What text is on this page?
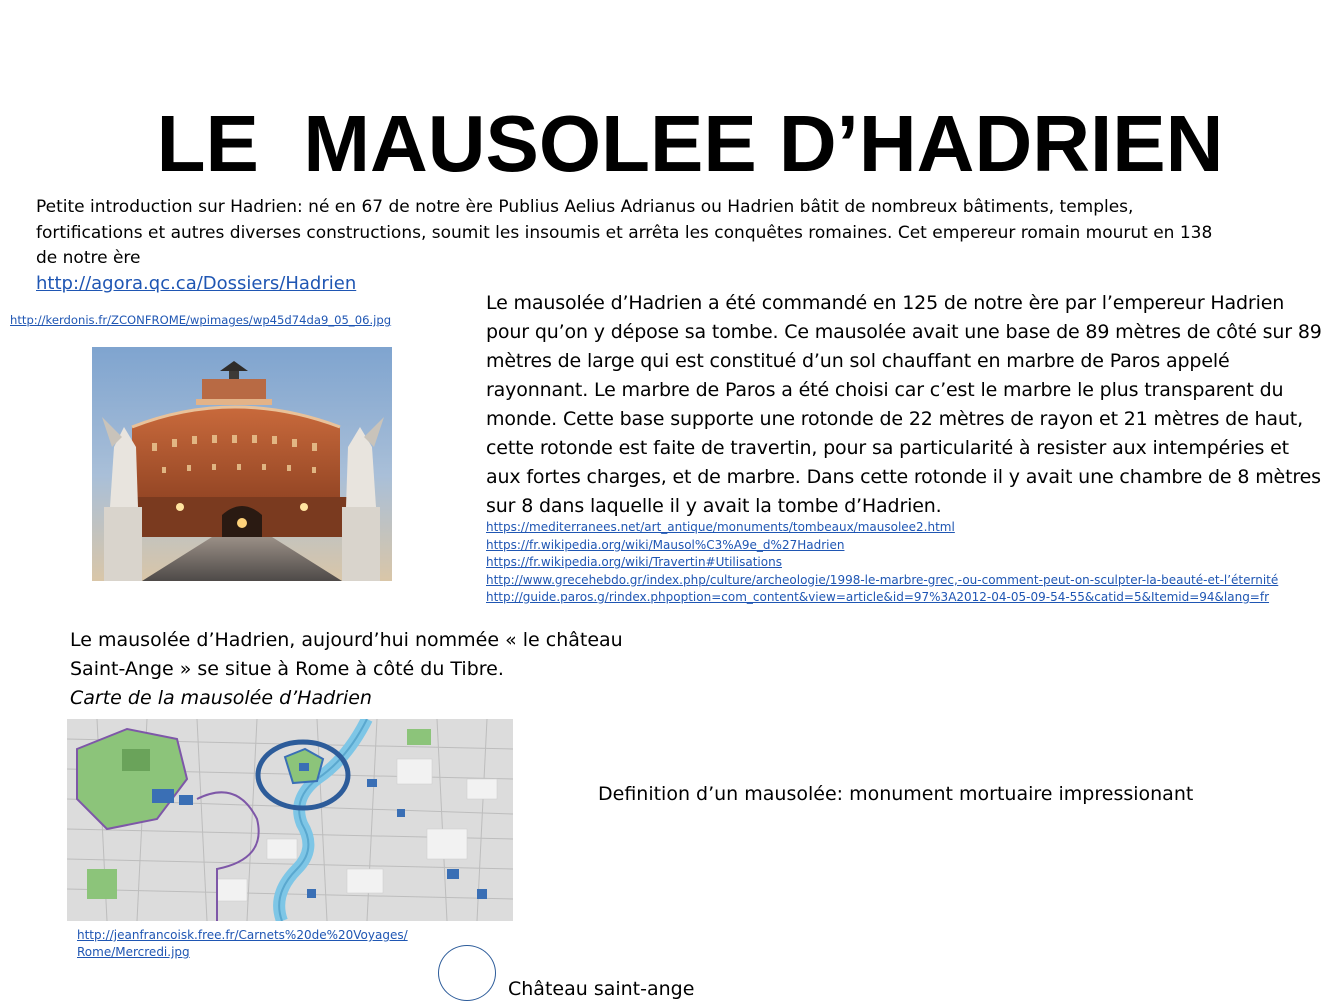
LE  MAUSOLEE D’HADRIEN
Petite introduction sur Hadrien: né en 67 de notre ère Publius Aelius Adrianus ou Hadrien bâtit de nombreux bâtiments, temples, fortifications et autres diverses constructions, soumit les insoumis et arrêta les conquêtes romaines. Cet empereur romain mourut en 138 de notre ère
http://agora.qc.ca/Dossiers/Hadrien
http://kerdonis.fr/ZCONFROME/wpimages/wp45d74da9_05_06.jpg
Le mausolée d’Hadrien a été commandé en 125 de notre ère par l’empereur Hadrien pour qu’on y dépose sa tombe. Ce mausolée avait une base de 89 mètres de côté sur 89 mètres de large qui est constitué d’un sol chauffant en marbre de Paros appelé rayonnant. Le marbre de Paros a été choisi car c’est le marbre le plus transparent du monde. Cette base supporte une rotonde de 22 mètres de rayon et 21 mètres de haut, cette rotonde est faite de travertin, pour sa particularité à resister aux intempéries et aux fortes charges, et de marbre. Dans cette rotonde il y avait une chambre de 8 mètres sur 8 dans laquelle il y avait la tombe d’Hadrien.
https://mediterranees.net/art_antique/monuments/tombeaux/mausolee2.html
https://fr.wikipedia.org/wiki/Mausol%C3%A9e_d%27Hadrien
https://fr.wikipedia.org/wiki/Travertin#Utilisations
http://www.grecehebdo.gr/index.php/culture/archeologie/1998-le-marbre-grec,-ou-comment-peut-on-sculpter-la-beauté-et-l’éternité
http://guide.paros.g/rindex.phpoption=com_content&view=article&id=97%3A2012-04-05-09-54-55&catid=5&Itemid=94&lang=fr
Le mausolée d’Hadrien, aujourd’hui nommée « le château Saint-Ange » se situe à Rome à côté du Tibre.
Carte de la mausolée d’Hadrien
http://jeanfrancoisk.free.fr/Carnets%20de%20Voyages/
Rome/Mercredi.jpg
Definition d’un mausolée: monument mortuaire impressionant
Château saint-ange
